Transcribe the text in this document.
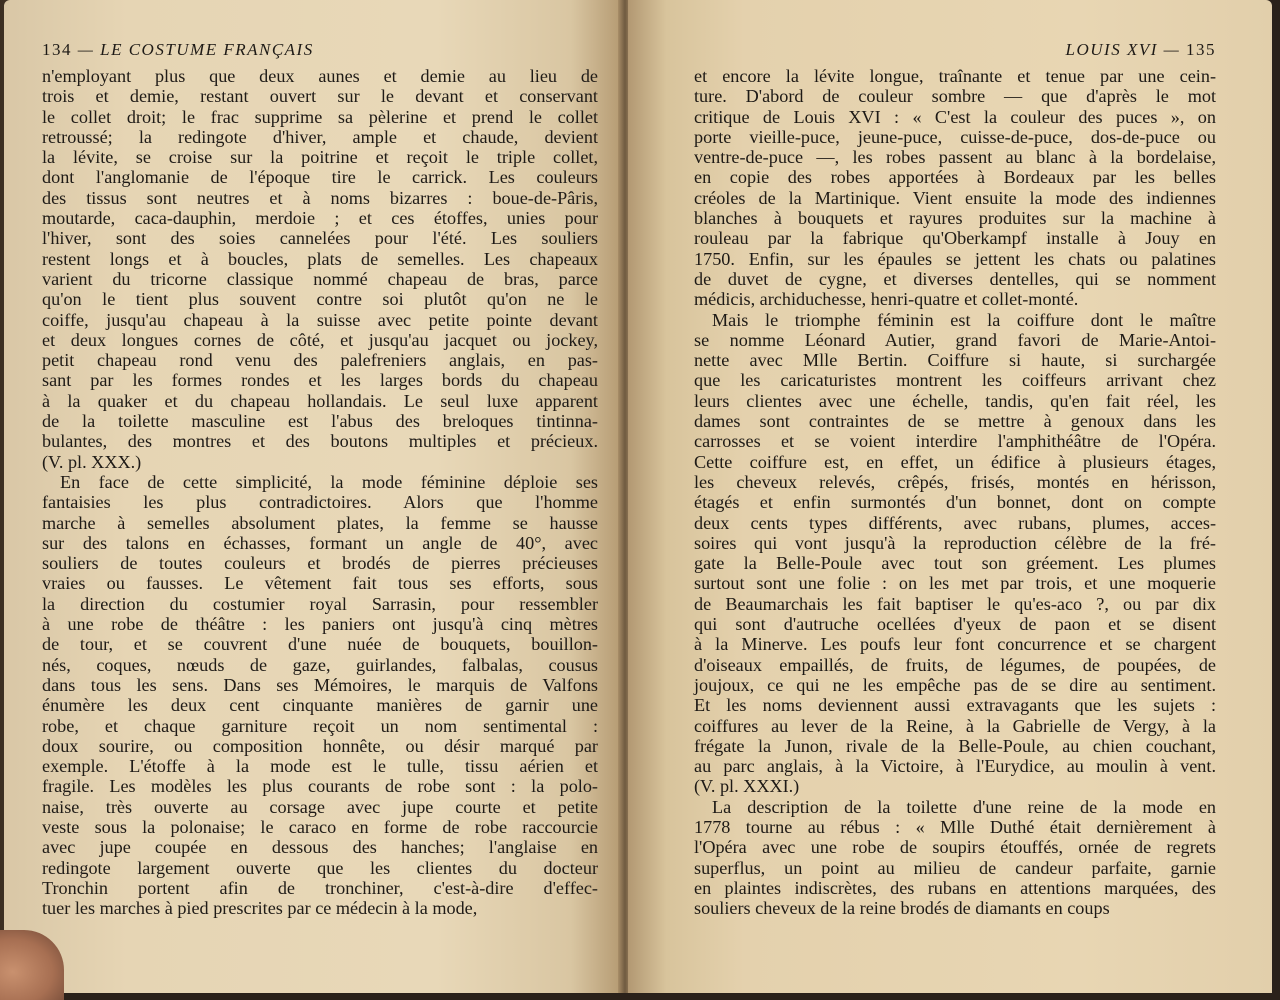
134 — LE COSTUME FRANÇAIS
n'employant plus que deux aunes et demie au lieu de
trois et demie, restant ouvert sur le devant et conservant
le collet droit; le frac supprime sa pèlerine et prend le collet
retroussé; la redingote d'hiver, ample et chaude, devient
la lévite, se croise sur la poitrine et reçoit le triple collet,
dont l'anglomanie de l'époque tire le carrick. Les couleurs
des tissus sont neutres et à noms bizarres : boue-de-Pâris,
moutarde, caca-dauphin, merdoie ; et ces étoffes, unies pour
l'hiver, sont des soies cannelées pour l'été. Les souliers
restent longs et à boucles, plats de semelles. Les chapeaux
varient du tricorne classique nommé chapeau de bras, parce
qu'on le tient plus souvent contre soi plutôt qu'on ne le
coiffe, jusqu'au chapeau à la suisse avec petite pointe devant
et deux longues cornes de côté, et jusqu'au jacquet ou jockey,
petit chapeau rond venu des palefreniers anglais, en pas-
sant par les formes rondes et les larges bords du chapeau
à la quaker et du chapeau hollandais. Le seul luxe apparent
de la toilette masculine est l'abus des breloques tintinna-
bulantes, des montres et des boutons multiples et précieux.
(V. pl. XXX.)
En face de cette simplicité, la mode féminine déploie ses
fantaisies les plus contradictoires. Alors que l'homme
marche à semelles absolument plates, la femme se hausse
sur des talons en échasses, formant un angle de 40°, avec
souliers de toutes couleurs et brodés de pierres précieuses
vraies ou fausses. Le vêtement fait tous ses efforts, sous
la direction du costumier royal Sarrasin, pour ressembler
à une robe de théâtre : les paniers ont jusqu'à cinq mètres
de tour, et se couvrent d'une nuée de bouquets, bouillon-
nés, coques, nœuds de gaze, guirlandes, falbalas, cousus
dans tous les sens. Dans ses Mémoires, le marquis de Valfons
énumère les deux cent cinquante manières de garnir une
robe, et chaque garniture reçoit un nom sentimental :
doux sourire, ou composition honnête, ou désir marqué par
exemple. L'étoffe à la mode est le tulle, tissu aérien et
fragile. Les modèles les plus courants de robe sont : la polo-
naise, très ouverte au corsage avec jupe courte et petite
veste sous la polonaise; le caraco en forme de robe raccourcie
avec jupe coupée en dessous des hanches; l'anglaise en
redingote largement ouverte que les clientes du docteur
Tronchin portent afin de tronchiner, c'est-à-dire d'effec-
tuer les marches à pied prescrites par ce médecin à la mode,
LOUIS XVI — 135
et encore la lévite longue, traînante et tenue par une cein-
ture. D'abord de couleur sombre — que d'après le mot
critique de Louis XVI : « C'est la couleur des puces », on
porte vieille-puce, jeune-puce, cuisse-de-puce, dos-de-puce ou
ventre-de-puce —, les robes passent au blanc à la bordelaise,
en copie des robes apportées à Bordeaux par les belles
créoles de la Martinique. Vient ensuite la mode des indiennes
blanches à bouquets et rayures produites sur la machine à
rouleau par la fabrique qu'Oberkampf installe à Jouy en
1750. Enfin, sur les épaules se jettent les chats ou palatines
de duvet de cygne, et diverses dentelles, qui se nomment
médicis, archiduchesse, henri-quatre et collet-monté.
Mais le triomphe féminin est la coiffure dont le maître
se nomme Léonard Autier, grand favori de Marie-Antoi-
nette avec Mlle Bertin. Coiffure si haute, si surchargée
que les caricaturistes montrent les coiffeurs arrivant chez
leurs clientes avec une échelle, tandis, qu'en fait réel, les
dames sont contraintes de se mettre à genoux dans les
carrosses et se voient interdire l'amphithéâtre de l'Opéra.
Cette coiffure est, en effet, un édifice à plusieurs étages,
les cheveux relevés, crêpés, frisés, montés en hérisson,
étagés et enfin surmontés d'un bonnet, dont on compte
deux cents types différents, avec rubans, plumes, acces-
soires qui vont jusqu'à la reproduction célèbre de la fré-
gate la Belle-Poule avec tout son gréement. Les plumes
surtout sont une folie : on les met par trois, et une moquerie
de Beaumarchais les fait baptiser le qu'es-aco ?, ou par dix
qui sont d'autruche ocellées d'yeux de paon et se disent
à la Minerve. Les poufs leur font concurrence et se chargent
d'oiseaux empaillés, de fruits, de légumes, de poupées, de
joujoux, ce qui ne les empêche pas de se dire au sentiment.
Et les noms deviennent aussi extravagants que les sujets :
coiffures au lever de la Reine, à la Gabrielle de Vergy, à la
frégate la Junon, rivale de la Belle-Poule, au chien couchant,
au parc anglais, à la Victoire, à l'Eurydice, au moulin à vent.
(V. pl. XXXI.)
La description de la toilette d'une reine de la mode en
1778 tourne au rébus : « Mlle Duthé était dernièrement à
l'Opéra avec une robe de soupirs étouffés, ornée de regrets
superflus, un point au milieu de candeur parfaite, garnie
en plaintes indiscrètes, des rubans en attentions marquées, des
souliers cheveux de la reine brodés de diamants en coups
